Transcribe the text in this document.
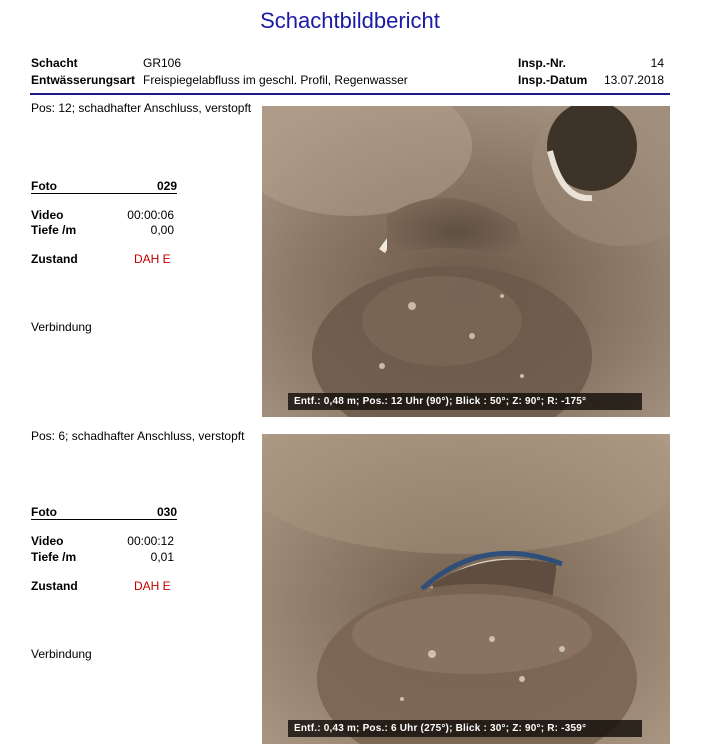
Schachtbildbericht
Schacht	GR106
Entwässerungsart Freispiegelabfluss im geschl. Profil, Regenwasser
Insp.-Nr.	14
Insp.-Datum	13.07.2018
Pos: 12; schadhafter Anschluss, verstopft
Foto	029
Video	00:00:06
Tiefe /m	0,00
Zustand	DAH E
Verbindung
Entf.: 0,48 m; Pos.: 12 Uhr (90°); Blick : 50°; Z: 90°; R: -175°
Pos: 6; schadhafter Anschluss, verstopft
Foto	030
Video	00:00:12
Tiefe /m	0,01
Zustand	DAH E
Verbindung
Entf.: 0,43 m; Pos.: 6 Uhr (275°); Blick : 30°; Z: 90°; R: -359°
